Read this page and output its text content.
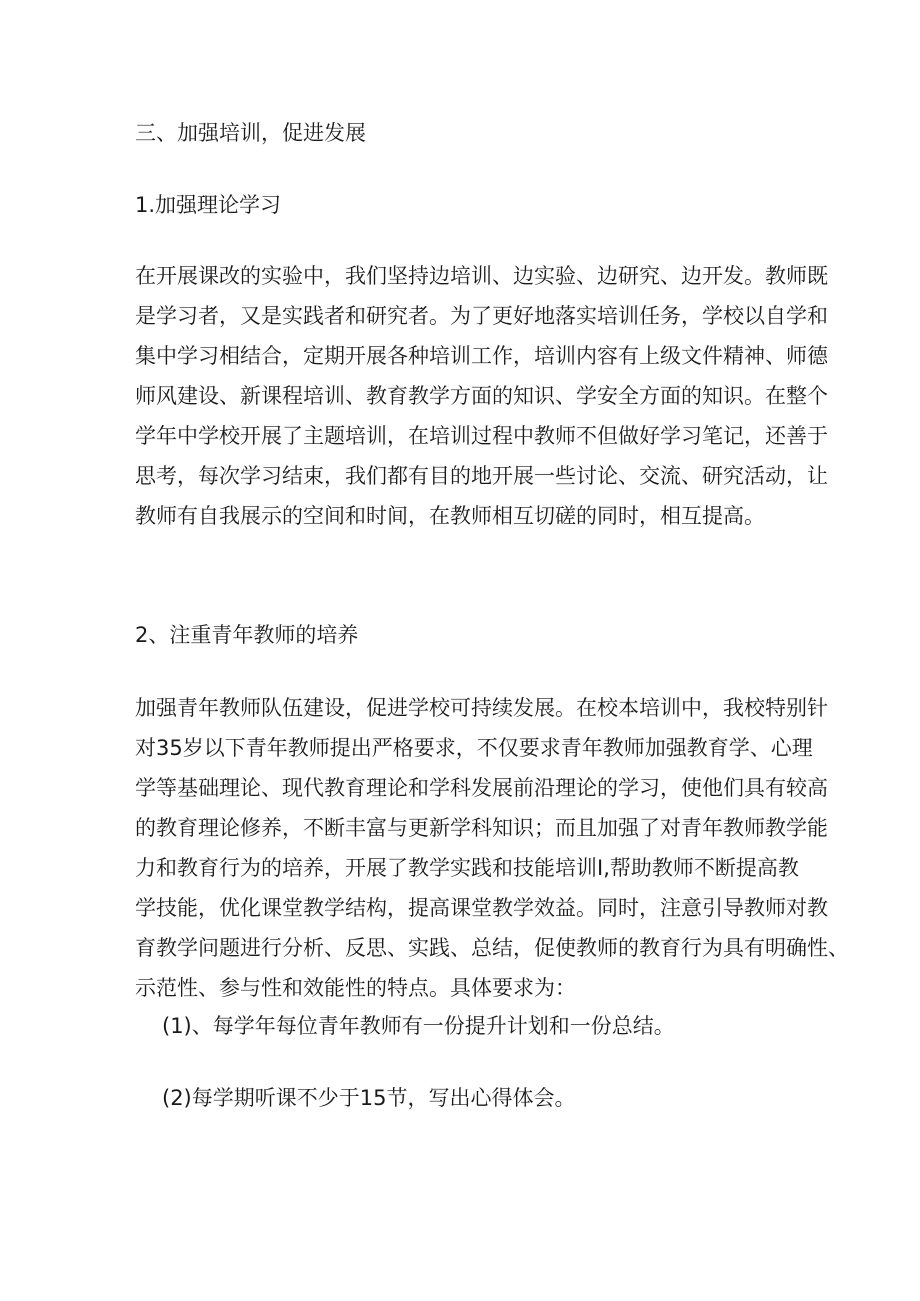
三、加强培训，促进发展
1.加强理论学习
在开展课改的实验中，我们坚持边培训、边实验、边研究、边开发。教师既
是学习者，又是实践者和研究者。为了更好地落实培训任务，学校以自学和
集中学习相结合，定期开展各种培训工作，培训内容有上级文件精神、师德
师风建设、新课程培训、教育教学方面的知识、学安全方面的知识。在整个
学年中学校开展了主题培训，在培训过程中教师不但做好学习笔记，还善于
思考，每次学习结束，我们都有目的地开展一些讨论、交流、研究活动，让
教师有自我展示的空间和时间，在教师相互切磋的同时，相互提高。
2、注重青年教师的培养
加强青年教师队伍建设，促进学校可持续发展。在校本培训中，我校特别针
对35岁以下青年教师提出严格要求，不仅要求青年教师加强教育学、心理
学等基础理论、现代教育理论和学科发展前沿理论的学习，使他们具有较高
的教育理论修养，不断丰富与更新学科知识；而且加强了对青年教师教学能
力和教育行为的培养，开展了教学实践和技能培训I,帮助教师不断提高教
学技能，优化课堂教学结构，提高课堂教学效益。同时，注意引导教师对教
育教学问题进行分析、反思、实践、总结，促使教师的教育行为具有明确性、
示范性、参与性和效能性的特点。具体要求为：
(1)、每学年每位青年教师有一份提升计划和一份总结。
(2)每学期听课不少于15节，写出心得体会。
